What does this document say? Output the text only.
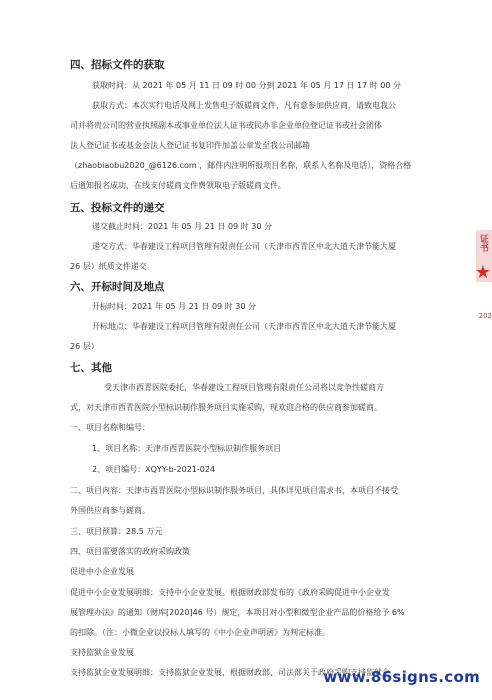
四、招标文件的获取
获取时间：从 2021 年 05 月 11 日 09 时 00 分到 2021 年 05 月 17 日 17 时 00 分
获取方式：本次实行电话及网上发售电子版磋商文件，凡有意参加供应商，请致电我公
司并将贵公司的营业执照副本或事业单位法人证书或民办非企业单位登记证书或社会团体
法人登记证书或基金会法人登记证书复印件加盖公章发至我公司邮箱
（zhaobiaobu2020_@6126.com ，邮件内注明所报项目名称，联系人名称及电话），资格合格
后通知报名成功，在线支付磋商文件费领取电子版磋商文件。
五、投标文件的递交
递交截止时间：2021 年 05 月 21 日 09 时 30 分
递交方式：华春建设工程项目管理有限责任公司（天津市西青区中北大道天津节能大厦
26 层）纸质文件递交
六、开标时间及地点
开标时间：2021 年 05 月 21 日 09 时 30 分
开标地点：华春建设工程项目管理有限责任公司（天津市西青区中北大道天津节能大厦
26 层）
七、其他
受天津市西青医院委托，华春建设工程项目管理有限责任公司将以竞争性磋商方
式，对天津市西青医院小型标识制作服务项目实施采购，现欢迎合格的供应商参加磋商。
一、项目名称和编号：
1、项目名称：天津市西青医院小型标识制作服务项目
2、项目编号：XQYY-b-2021-024
二、项目内容：天津市西青医院小型标识制作服务项目，具体详见项目需求书，本项目不接受
外国供应商参与磋商。
三、项目预算：28.5 万元
四、项目需要落实的政府采购政策
促进中小企业发展
促进中小企业发展明细：支持中小企业发展。根据财政部发布的《政府采购促进中小企业发
展管理办法》的通知（财库[2020]46 号）规定，本项目对小型和微型企业产品的价格给予 6%
的扣除。（注：小微企业以投标人填写的《中小企业声明函》为判定标准。
支持监狱企业发展
支持监狱企业发展明细：支持监狱企业发展，根据财政部、司法部关于政府采购支持监狱企
证书
★
202
www.86signs.com
